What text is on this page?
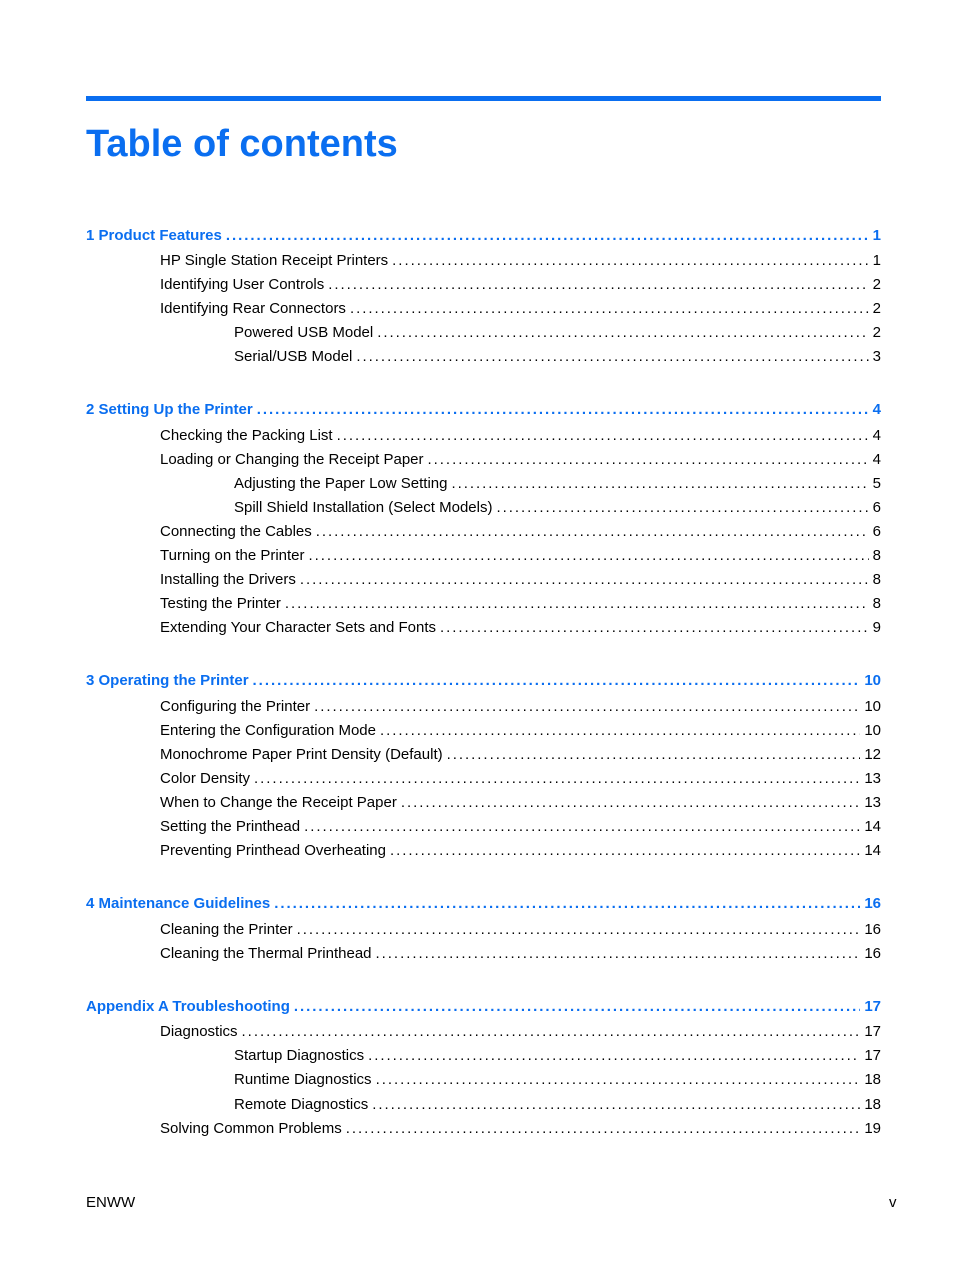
Table of contents
1 Product Features . . .	1
HP Single Station Receipt Printers . . .	1
Identifying User Controls . . .	2
Identifying Rear Connectors . . .	2
Powered USB Model . . .	2
Serial/USB Model . . .	3
2 Setting Up the Printer . . .	4
Checking the Packing List . . .	4
Loading or Changing the Receipt Paper . . .	4
Adjusting the Paper Low Setting . . .	5
Spill Shield Installation (Select Models) . . .	6
Connecting the Cables . . .	6
Turning on the Printer . . .	8
Installing the Drivers . . .	8
Testing the Printer . . .	8
Extending Your Character Sets and Fonts . . .	9
3 Operating the Printer . . .	10
Configuring the Printer . . .	10
Entering the Configuration Mode . . .	10
Monochrome Paper Print Density (Default) . . .	12
Color Density . . .	13
When to Change the Receipt Paper . . .	13
Setting the Printhead . . .	14
Preventing Printhead Overheating . . .	14
4 Maintenance Guidelines . . .	16
Cleaning the Printer . . .	16
Cleaning the Thermal Printhead . . .	16
Appendix A Troubleshooting . . .	17
Diagnostics . . .	17
Startup Diagnostics . . .	17
Runtime Diagnostics . . .	18
Remote Diagnostics . . .	18
Solving Common Problems . . .	19
ENWW	v
